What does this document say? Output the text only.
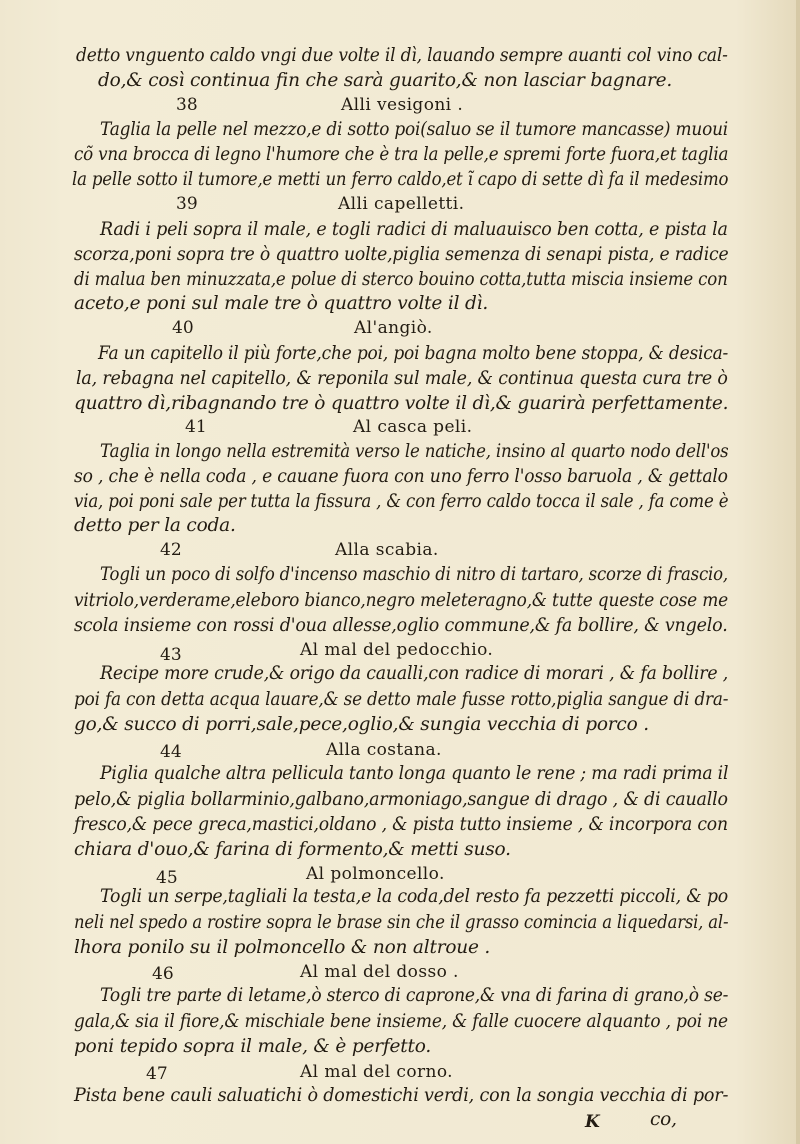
detto vnguento caldo vngi due volte il dì, lauando sempre auanti col vino cal-
do,& così continua fin che sarà guarito,& non lasciar bagnare.
38	Alli vesigoni .
Taglia la pelle nel mezzo,e di sotto poi(saluo se il tumore mancasse) muoui
cõ vna brocca di legno l'humore che è tra la pelle,e spremi forte fuora,et taglia
la pelle sotto il tumore,e metti un ferro caldo,et ĩ capo di sette dì fa il medesimo
39	Alli capelletti.
Radi i peli sopra il male, e togli radici di maluauisco ben cotta, e pista la
scorza,poni sopra tre ò quattro uolte,piglia semenza di senapi pista, e radice
di malua ben minuzzata,e polue di sterco bouino cotta,tutta miscia insieme con
aceto,e poni sul male tre ò quattro volte il dì.
40	Al'angiò.
Fa un capitello il più forte,che poi, poi bagna molto bene stoppa, & desica-
la, rebagna nel capitello, & reponila sul male, & continua questa cura tre ò
quattro dì,ribagnando tre ò quattro volte il dì,& guarirà perfettamente.
41	Al casca peli.
Taglia in longo nella estremità verso le natiche, insino al quarto nodo dell'os
so , che è nella coda , e cauane fuora con uno ferro l'osso baruola , & gettalo
via, poi poni sale per tutta la fissura , & con ferro caldo tocca il sale , fa come è
detto per la coda.
42	Alla scabia.
Togli un poco di solfo d'incenso maschio di nitro di tartaro, scorze di frascio,
vitriolo,verderame,eleboro bianco,negro meleteragno,& tutte queste cose me
scola insieme con rossi d'oua allesse,oglio commune,& fa bollire, & vngelo.
Al mal del pedocchio.
43
Recipe more crude,& origo da caualli,con radice di morari , & fa bollire ,
poi fa con detta acqua lauare,& se detto male fusse rotto,piglia sangue di dra-
go,& succo di porri,sale,pece,oglio,& sungia vecchia di porco .
44	Alla costana.
Piglia qualche altra pellicula tanto longa quanto le rene ; ma radi prima il
pelo,& piglia bollarminio,galbano,armoniago,sangue di drago , & di cauallo
fresco,& pece greca,mastici,oldano , & pista tutto insieme , & incorpora con
chiara d'ouo,& farina di formento,& metti suso.
Al polmoncello.
45
Togli un serpe,tagliali la testa,e la coda,del resto fa pezzetti piccoli, & po
neli nel spedo a rostire sopra le brase sin che il grasso comincia a liquedarsi, al-
lhora ponilo su il polmoncello & non altroue .
46	Al mal del dosso .
Togli tre parte di letame,ò sterco di caprone,& vna di farina di grano,ò se-
gala,& sia il fiore,& mischiale bene insieme, & falle cuocere alquanto , poi ne
poni tepido sopra il male, & è perfetto.
47	Al mal del corno.
Pista bene cauli saluatichi ò domestichi verdi, con la songia vecchia di por-
co,
K
